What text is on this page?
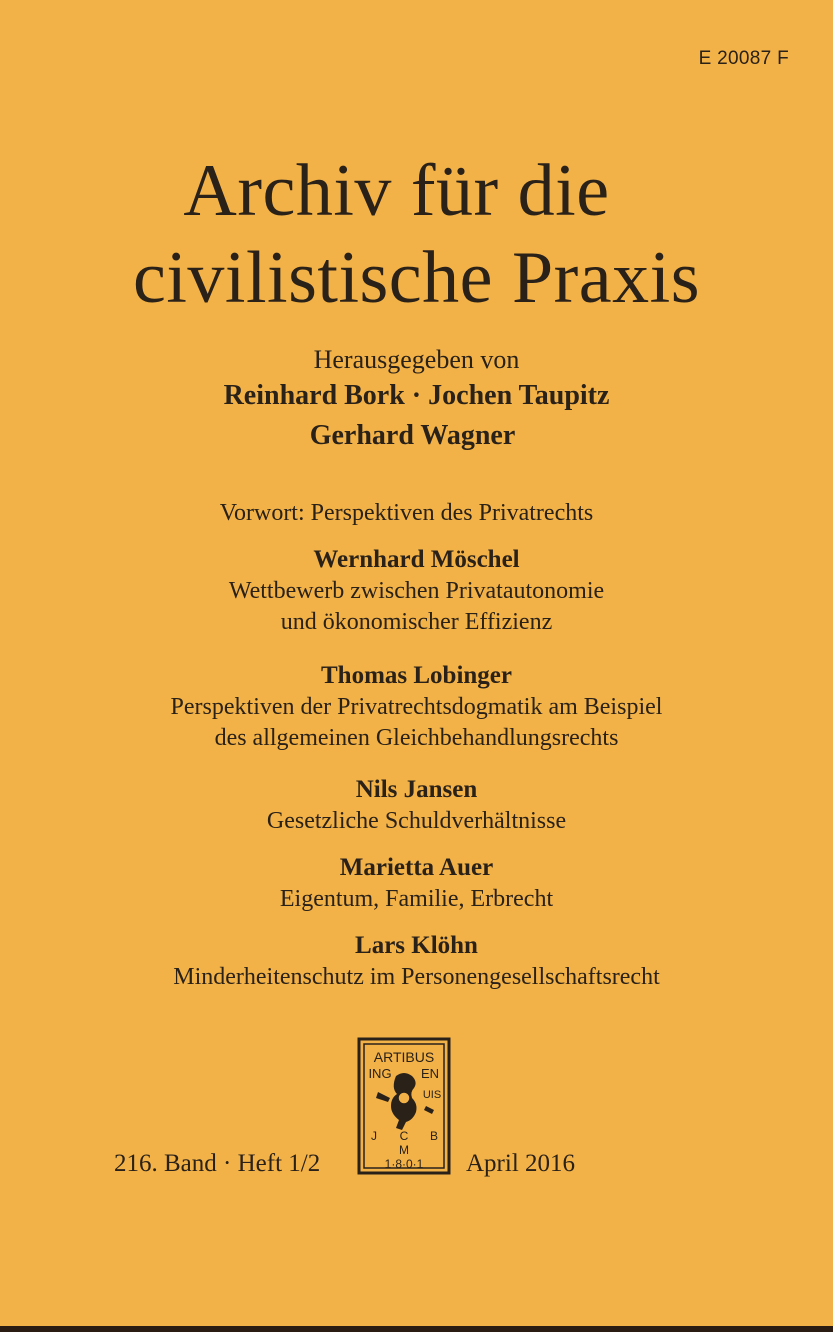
E 20087 F
Archiv für die
civilistische Praxis
Herausgegeben von
Reinhard Bork · Jochen Taupitz
Gerhard Wagner
Vorwort: Perspektiven des Privatrechts
Wernhard Möschel
Wettbewerb zwischen Privatautonomie
und ökonomischer Effizienz
Thomas Lobinger
Perspektiven der Privatrechtsdogmatik am Beispiel
des allgemeinen Gleichbehandlungsrechts
Nils Jansen
Gesetzliche Schuldverhältnisse
Marietta Auer
Eigentum, Familie, Erbrecht
Lars Klöhn
Minderheitenschutz im Personengesellschaftsrecht
ARTIBUS
ING EN
UIS
J C B
M
1·8·0·1
216. Band · Heft 1/2	April 2016
